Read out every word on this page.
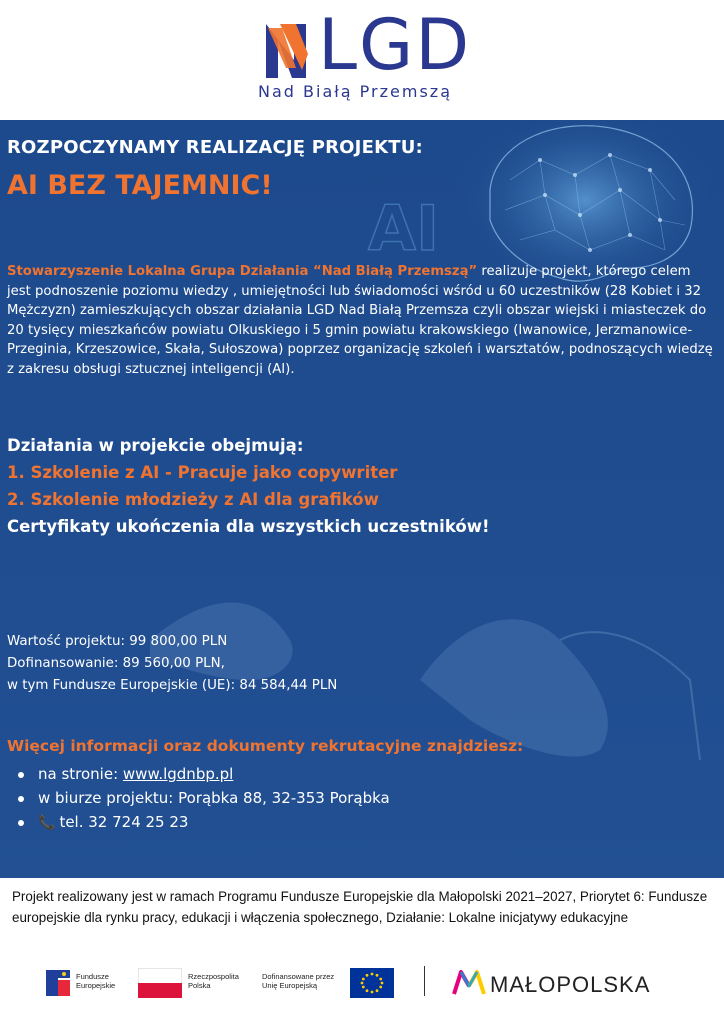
LGD
Nad Białą Przemszą
AI
ROZPOCZYNAMY REALIZACJĘ PROJEKTU:
AI BEZ TAJEMNIC!
Stowarzyszenie Lokalna Grupa Działania “Nad Białą Przemszą” realizuje projekt, którego celem jest podnoszenie poziomu wiedzy , umiejętności lub świadomości wśród u 60 uczestników (28 Kobiet i 32 Mężczyzn) zamieszkujących obszar działania LGD Nad Białą Przemsza czyli obszar wiejski i miasteczek do 20 tysięcy mieszkańców powiatu Olkuskiego i 5 gmin powiatu krakowskiego (Iwanowice, Jerzmanowice-Przeginia, Krzeszowice, Skała, Sułoszowa) poprzez organizację szkoleń i warsztatów, podnoszących wiedzę z zakresu obsługi sztucznej inteligencji (AI).
Działania w projekcie obejmują:
1. Szkolenie z AI - Pracuje jako copywriter
2. Szkolenie młodzieży z AI dla grafików
Certyfikaty ukończenia dla wszystkich uczestników!
Wartość projektu: 99 800,00 PLN
Dofinansowanie: 89 560,00 PLN,
w tym Fundusze Europejskie (UE): 84 584,44 PLN
Więcej informacji oraz dokumenty rekrutacyjne znajdziesz:
na stronie: www.lgdnbp.pl
w biurze projektu: Porąbka 88, 32-353 Porąbka
📞 tel. 32 724 25 23
Projekt realizowany jest w ramach Programu Fundusze Europejskie dla Małopolski 2021–2027, Priorytet 6: Fundusze europejskie dla rynku pracy, edukacji i włączenia społecznego, Działanie: Lokalne inicjatywy edukacyjne
Fundusze
Europejskie
Rzeczpospolita
Polska
Dofinansowane przez
Unię Europejską	MAŁOPOLSKA
